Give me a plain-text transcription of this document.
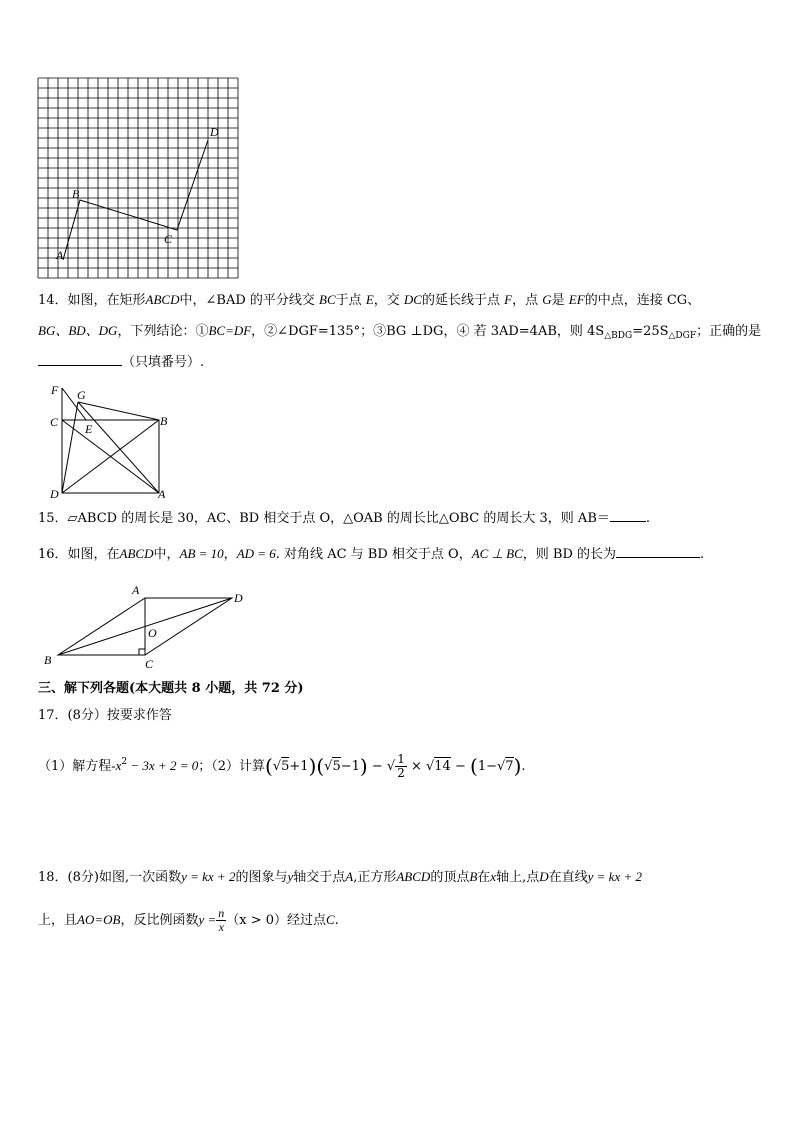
A
B
C
D
14．如图，在矩形ABCD中，∠BAD 的平分线交 BC于点 E，交 DC的延长线于点 F，点 G是 EF的中点，连接 CG、
BG、BD、DG，下列结论：①BC=DF，②∠DGF=135°；③BG ⊥DG，④ 若 3AD=4AB，则 $4S_{\triangle BDG}=25S_{\triangle DGF}$；正确的是
（只填番号）.
F G
C E
B
D	A
15．▱ABCD 的周长是 30，AC、BD 相交于点 O，△OAB 的周长比△OBC 的周长大 3，则 AB＝	.
16．如图，在ABCD中，AB = 10，AD = 6. 对角线 AC 与 BD 相交于点 O，AC ⊥ BC，则 BD 的长为	.
A
D
O
B	C
三、解下列各题(本大题共 8 小题，共 72 分)
17．(8分）按要求作答
（1）解方程$-x^2 - 3x + 2 = 0$；（2）计算(√5+1)(√5−1) − √ $\frac{1}{2} \times √14 - (1-√7)$.
18．(8分)如图,一次函数y = kx + 2的图象与y轴交于点A,正方形ABCD的顶点B在x轴上,点D在直线y = kx + 2
上，且AO=OB，反比例函数$y = \frac{n}{x} (x > 0)$经过点C.
